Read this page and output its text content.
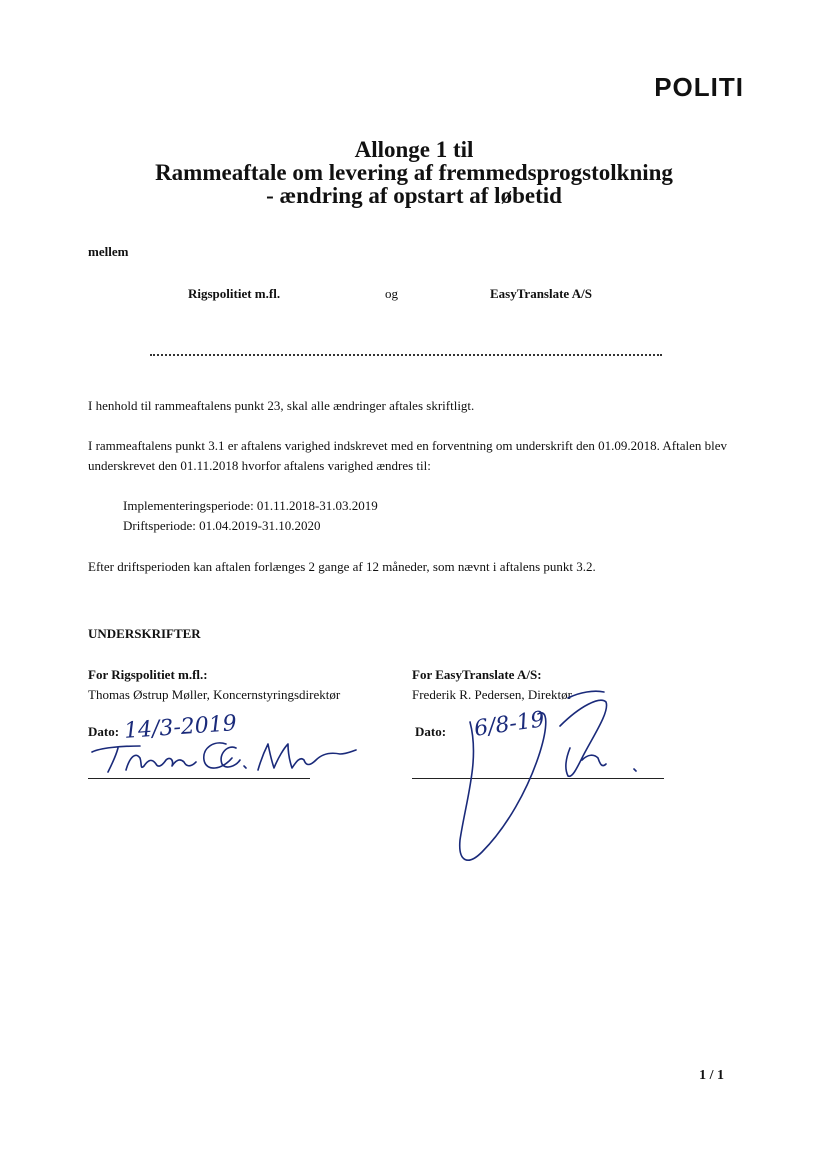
POLITI
Allonge 1 til
Rammeaftale om levering af fremmedsprogstolkning
- ændring af opstart af løbetid
mellem
Rigspolitiet m.fl.	og	EasyTranslate A/S
I henhold til rammeaftalens punkt 23, skal alle ændringer aftales skriftligt.
I rammeaftalens punkt 3.1 er aftalens varighed indskrevet med en forventning om underskrift den 01.09.2018. Aftalen blev underskrevet den 01.11.2018 hvorfor aftalens varighed ændres til:
Implementeringsperiode: 01.11.2018-31.03.2019
Driftsperiode: 01.04.2019-31.10.2020
Efter driftsperioden kan aftalen forlænges 2 gange af 12 måneder, som nævnt i aftalens punkt 3.2.
UNDERSKRIFTER
For Rigspolitiet m.fl.:
Thomas Østrup Møller, Koncernstyringsdirektør
For EasyTranslate A/S:
Frederik R. Pedersen, Direktør
Dato:	Dato:
14/3-2019	6/8-19
1 / 1
